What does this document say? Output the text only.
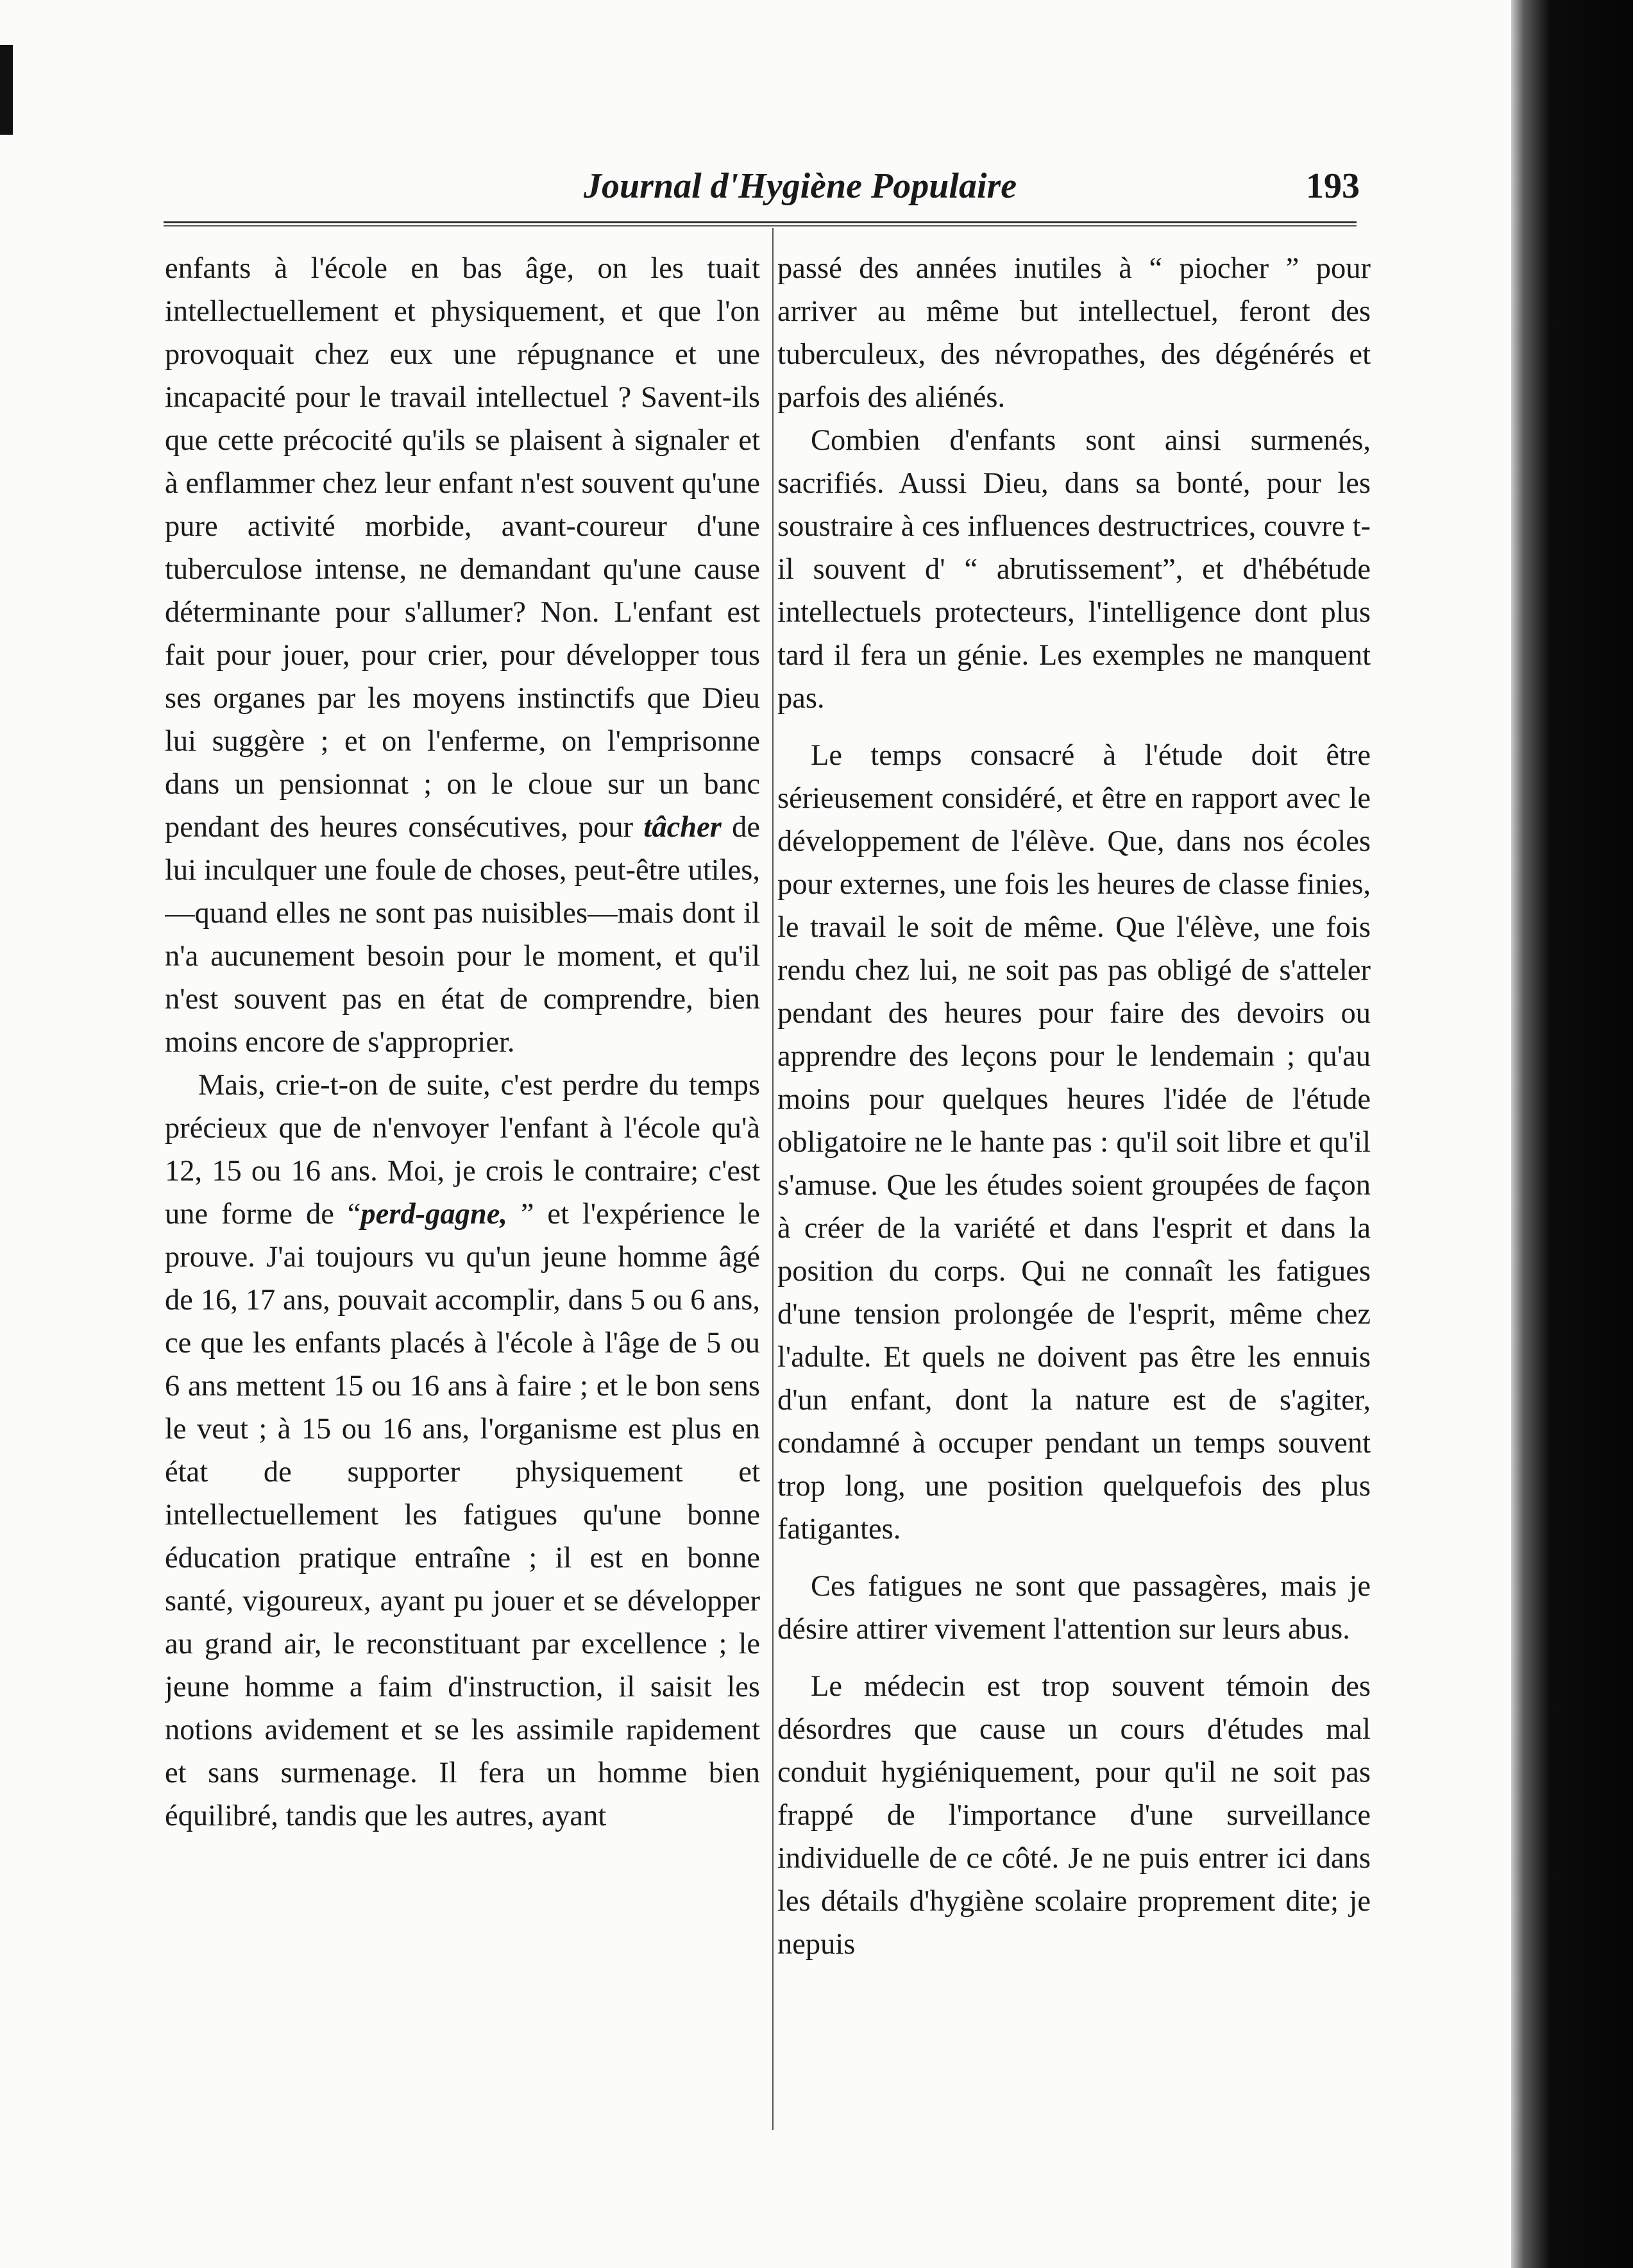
Journal d'Hygiène Populaire	193

enfants à l'école en bas âge, on les tuait intellectuellement et physiquement, et que l'on provoquait chez eux une répugnance et une incapacité pour le travail intellectuel ? Savent-ils que cette précocité qu'ils se plaisent à signaler et à enflammer chez leur enfant n'est souvent qu'une pure activité morbide, avant-coureur d'une tuberculose intense, ne demandant qu'une cause déterminante pour s'allumer? Non. L'enfant est fait pour jouer, pour crier, pour développer tous ses organes par les moyens instinctifs que Dieu lui suggère ; et on l'enferme, on l'emprisonne dans un pensionnat ; on le cloue sur un banc pendant des heures consécutives, pour tâcher de lui inculquer une foule de choses, peut-être utiles,—quand elles ne sont pas nuisibles—mais dont il n'a aucunement besoin pour le moment, et qu'il n'est souvent pas en état de comprendre, bien moins encore de s'approprier.

Mais, crie-t-on de suite, c'est perdre du temps précieux que de n'envoyer l'enfant à l'école qu'à 12, 15 ou 16 ans. Moi, je crois le contraire; c'est une forme de “perd-gagne, ” et l'expérience le prouve. J'ai toujours vu qu'un jeune homme âgé de 16, 17 ans, pouvait accomplir, dans 5 ou 6 ans, ce que les enfants placés à l'école à l'âge de 5 ou 6 ans mettent 15 ou 16 ans à faire ; et le bon sens le veut ; à 15 ou 16 ans, l'organisme est plus en état de supporter physiquement et intellectuellement les fatigues qu'une bonne éducation pratique entraîne ; il est en bonne santé, vigoureux, ayant pu jouer et se développer au grand air, le reconstituant par excellence ; le jeune homme a faim d'instruction, il saisit les notions avidement et se les assimile rapidement et sans surmenage. Il fera un homme bien équilibré, tandis que les autres, ayant

passé des années inutiles à “ piocher ” pour arriver au même but intellectuel, feront des tuberculeux, des névropathes, des dégénérés et parfois des aliénés.

Combien d'enfants sont ainsi surmenés, sacrifiés. Aussi Dieu, dans sa bonté, pour les soustraire à ces influences destructrices, couvre t-il souvent d' “ abrutissement”, et d'hébétude intellectuels protecteurs, l'intelligence dont plus tard il fera un génie. Les exemples ne manquent pas.

Le temps consacré à l'étude doit être sérieusement considéré, et être en rapport avec le développement de l'élève. Que, dans nos écoles pour externes, une fois les heures de classe finies, le travail le soit de même. Que l'élève, une fois rendu chez lui, ne soit pas pas obligé de s'atteler pendant des heures pour faire des devoirs ou apprendre des leçons pour le lendemain ; qu'au moins pour quelques heures l'idée de l'étude obligatoire ne le hante pas : qu'il soit libre et qu'il s'amuse. Que les études soient groupées de façon à créer de la variété et dans l'esprit et dans la position du corps. Qui ne connaît les fatigues d'une tension prolongée de l'esprit, même chez l'adulte. Et quels ne doivent pas être les ennuis d'un enfant, dont la nature est de s'agiter, condamné à occuper pendant un temps souvent trop long, une position quelquefois des plus fatigantes.

Ces fatigues ne sont que passagères, mais je désire attirer vivement l'attention sur leurs abus.

Le médecin est trop souvent témoin des désordres que cause un cours d'études mal conduit hygiéniquement, pour qu'il ne soit pas frappé de l'importance d'une surveillance individuelle de ce côté. Je ne puis entrer ici dans les détails d'hygiène scolaire proprement dite; je nepuis
